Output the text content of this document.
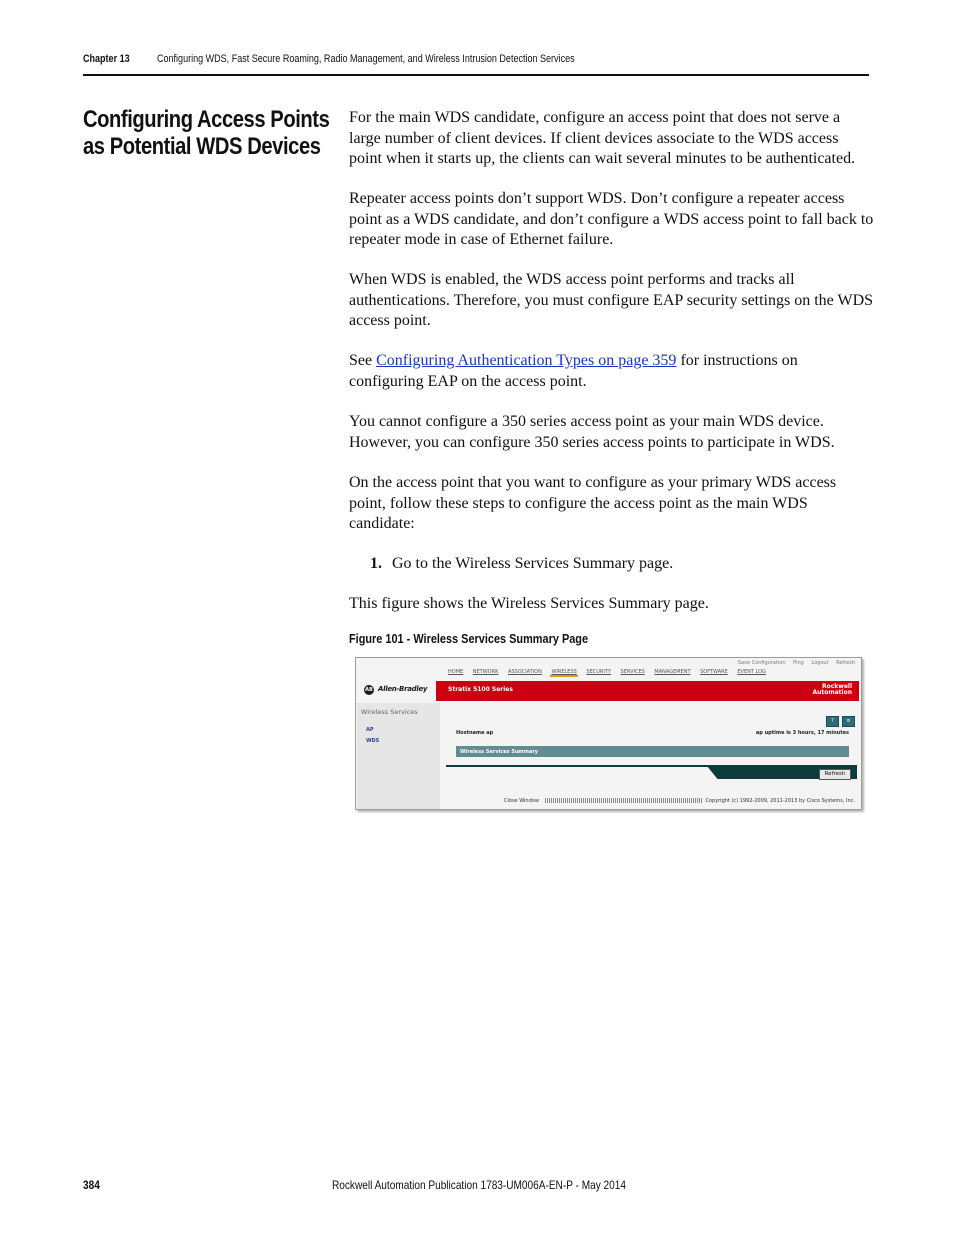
Chapter 13 Configuring WDS, Fast Secure Roaming, Radio Management, and Wireless Intrusion Detection Services
Configuring Access Points as Potential WDS Devices

For the main WDS candidate, configure an access point that does not serve a large number of client devices. If client devices associate to the WDS access point when it starts up, the clients can wait several minutes to be authenticated.

Repeater access points don’t support WDS. Don’t configure a repeater access point as a WDS candidate, and don’t configure a WDS access point to fall back to repeater mode in case of Ethernet failure.

When WDS is enabled, the WDS access point performs and tracks all authentications. Therefore, you must configure EAP security settings on the WDS access point.

See Configuring Authentication Types on page 359 for instructions on configuring EAP on the access point.

You cannot configure a 350 series access point as your main WDS device. However, you can configure 350 series access points to participate in WDS.

On the access point that you want to configure as your primary WDS access point, follow these steps to configure the access point as the main WDS candidate:

1. Go to the Wireless Services Summary page.

This figure shows the Wireless Services Summary page.

Figure 101 - Wireless Services Summary Page
Save Configuration Ping Logout Refresh
HOME NETWORK ASSOCIATION WIRELESS SECURITY SERVICES MANAGEMENT SOFTWARE EVENT LOG
AB Allen-Bradley	Stratix 5100 Series	Rockwell
Automation
Wireless Services
AP
WDS
?	≡
Hostname ap	ap uptime is 3 hours, 17 minutes
Wireless Services Summary
Refresh
Close Window	Copyright (c) 1992-2009, 2011-2013 by Cisco Systems, Inc.
384	Rockwell Automation Publication 1783-UM006A-EN-P - May 2014
